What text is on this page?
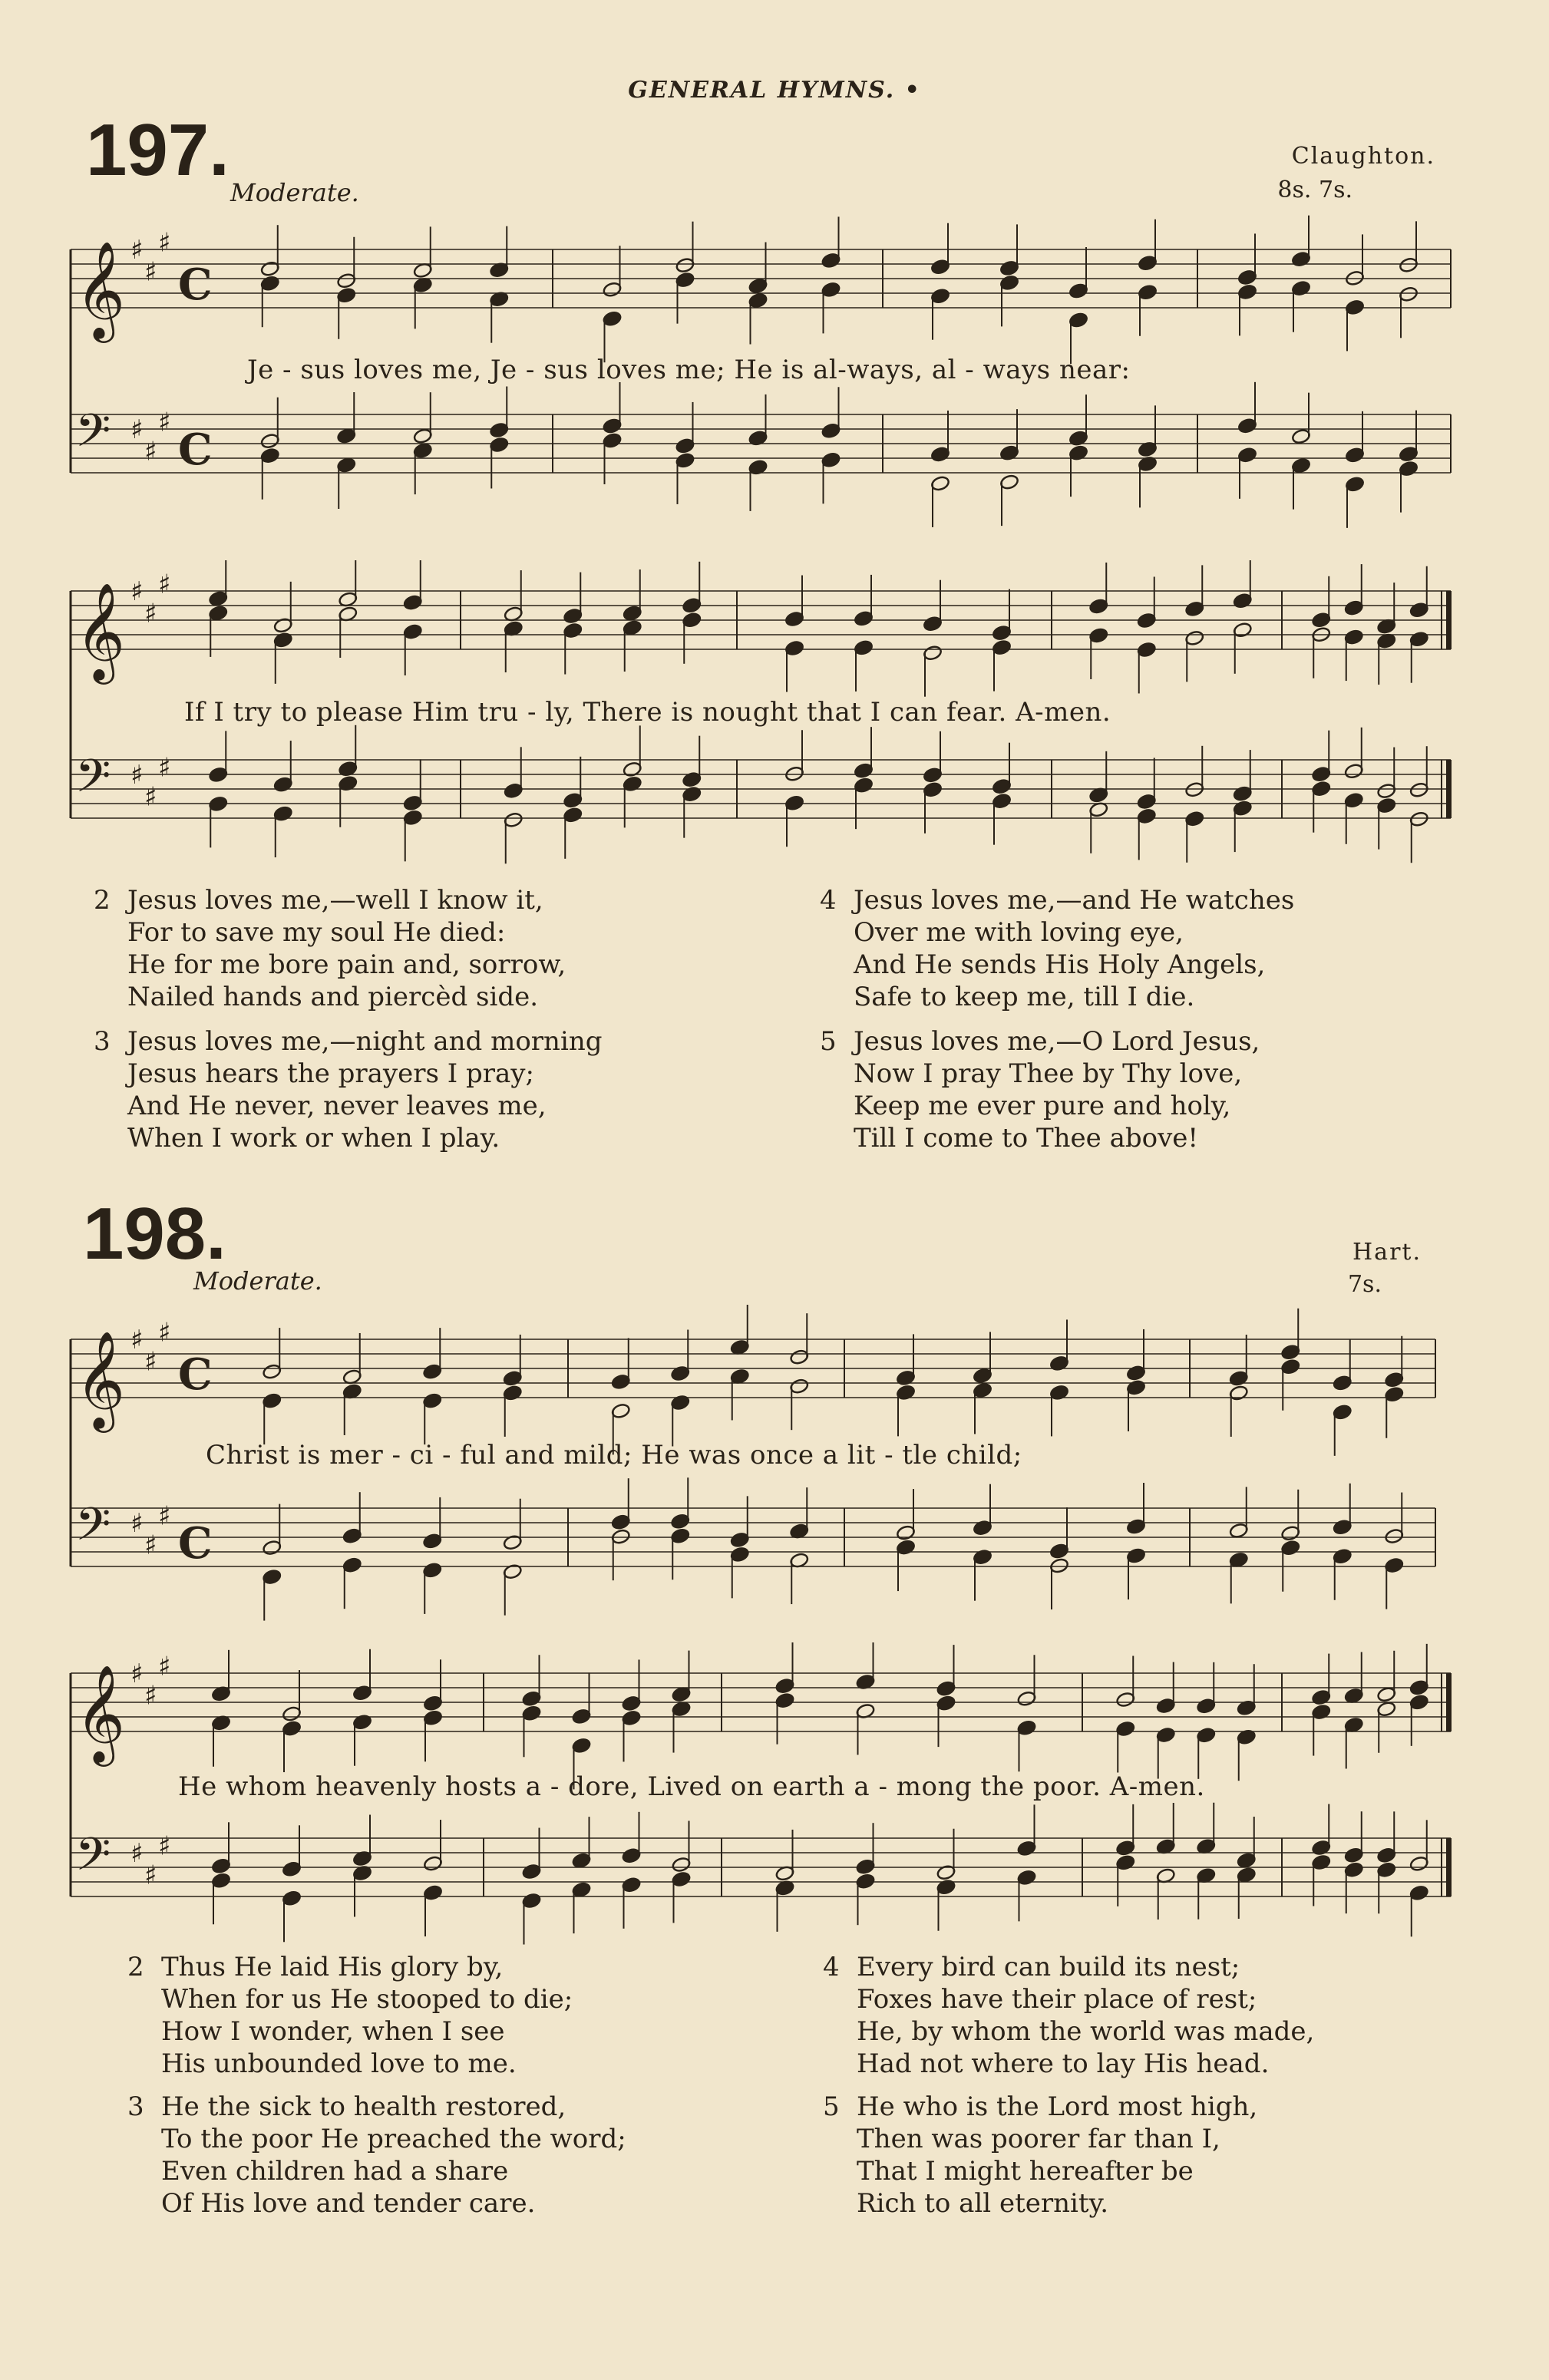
GENERAL HYMNS. •
197.
Moderate.
Claughton.
8s. 7s.
𝄞 ♯
♯
♯
C
𝄢 ♯
♯
♯
C
Je - sus loves me, Je - sus loves me; He is al-ways, al - ways near:
𝄞 ♯
♯
♯
𝄢 ♯
♯
♯
If I try to please Him tru - ly, There is nought that I can fear. A-men.
2 Jesus loves me,—well I know it,
For to save my soul He died:
He for me bore pain and, sorrow,
Nailed hands and piercèd side.
3 Jesus loves me,—night and morning
Jesus hears the prayers I pray;
And He never, never leaves me,
When I work or when I play.
4 Jesus loves me,—and He watches
Over me with loving eye,
And He sends His Holy Angels,
Safe to keep me, till I die.
5 Jesus loves me,—O Lord Jesus,
Now I pray Thee by Thy love,
Keep me ever pure and holy,
Till I come to Thee above!
198.
Moderate.
Hart.
7s.
𝄞 ♯
♯
♯
C
𝄢 ♯
♯
♯
C
Christ is mer - ci - ful and mild; He was once a lit - tle child;
𝄞 ♯
♯
♯
𝄢 ♯
♯
♯
He whom heavenly hosts a - dore, Lived on earth a - mong the poor. A-men.
2 Thus He laid His glory by,
When for us He stooped to die;
How I wonder, when I see
His unbounded love to me.
3 He the sick to health restored,
To the poor He preached the word;
Even children had a share
Of His love and tender care.
4 Every bird can build its nest;
Foxes have their place of rest;
He, by whom the world was made,
Had not where to lay His head.
5 He who is the Lord most high,
Then was poorer far than I,
That I might hereafter be
Rich to all eternity.
